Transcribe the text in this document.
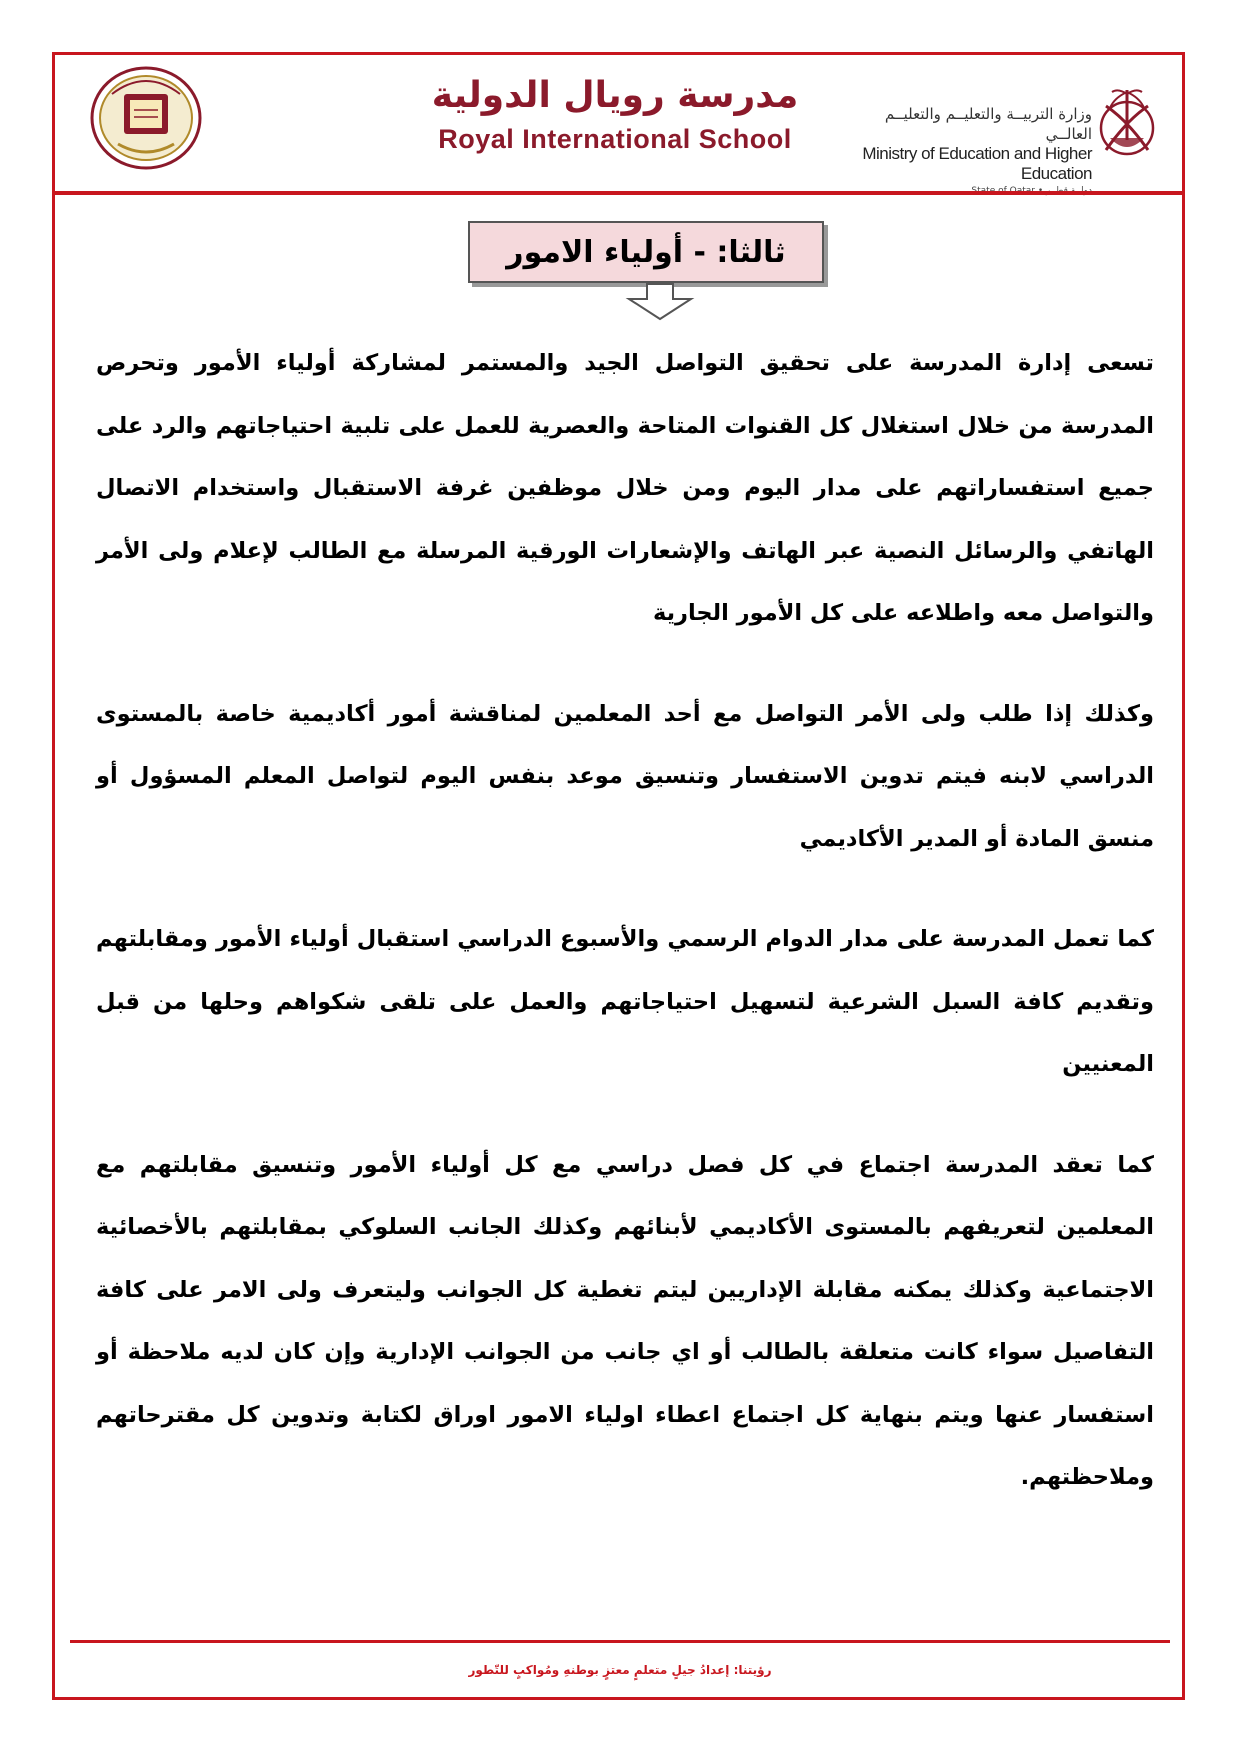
مدرسة رويال الدولية
Royal International School
وزارة التربيــة والتعليــم والتعليــم العالــي
Ministry of Education and Higher Education
ثالثا: - أولياء الامور

تسعى إدارة المدرسة على تحقيق التواصل الجيد والمستمر لمشاركة أولياء الأمور وتحرص المدرسة من خلال استغلال كل القنوات المتاحة والعصرية للعمل على تلبية احتياجاتهم والرد على جميع استفساراتهم على مدار اليوم ومن خلال موظفين غرفة الاستقبال واستخدام الاتصال الهاتفي والرسائل النصية عبر الهاتف والإشعارات الورقية المرسلة مع الطالب لإعلام ولى الأمر والتواصل معه واطلاعه على كل الأمور الجارية

وكذلك إذا طلب ولى الأمر التواصل مع أحد المعلمين لمناقشة أمور أكاديمية خاصة بالمستوى الدراسي لابنه فيتم تدوين الاستفسار وتنسيق موعد بنفس اليوم لتواصل المعلم المسؤول أو منسق المادة أو المدير الأكاديمي

كما تعمل المدرسة على مدار الدوام الرسمي والأسبوع الدراسي استقبال أولياء الأمور ومقابلتهم وتقديم كافة السبل الشرعية لتسهيل احتياجاتهم والعمل على تلقى شكواهم وحلها من قبل المعنيين

كما تعقد المدرسة اجتماع في كل فصل دراسي مع كل أولياء الأمور وتنسيق مقابلتهم مع المعلمين لتعريفهم بالمستوى الأكاديمي لأبنائهم وكذلك الجانب السلوكي بمقابلتهم بالأخصائية الاجتماعية وكذلك يمكنه مقابلة الإداريين ليتم تغطية كل الجوانب وليتعرف ولى الامر على كافة التفاصيل سواء كانت متعلقة بالطالب أو اي جانب من الجوانب الإدارية وإن كان لديه ملاحظة أو استفسار عنها ويتم بنهاية كل اجتماع اعطاء اولياء الامور اوراق لكتابة وتدوين كل مقترحاتهم وملاحظتهم.

رؤيتنا: إعدادُ جيلٍ متعلمٍ معتزٍ بوطنهِ ومُواكبٍ للتّطور
